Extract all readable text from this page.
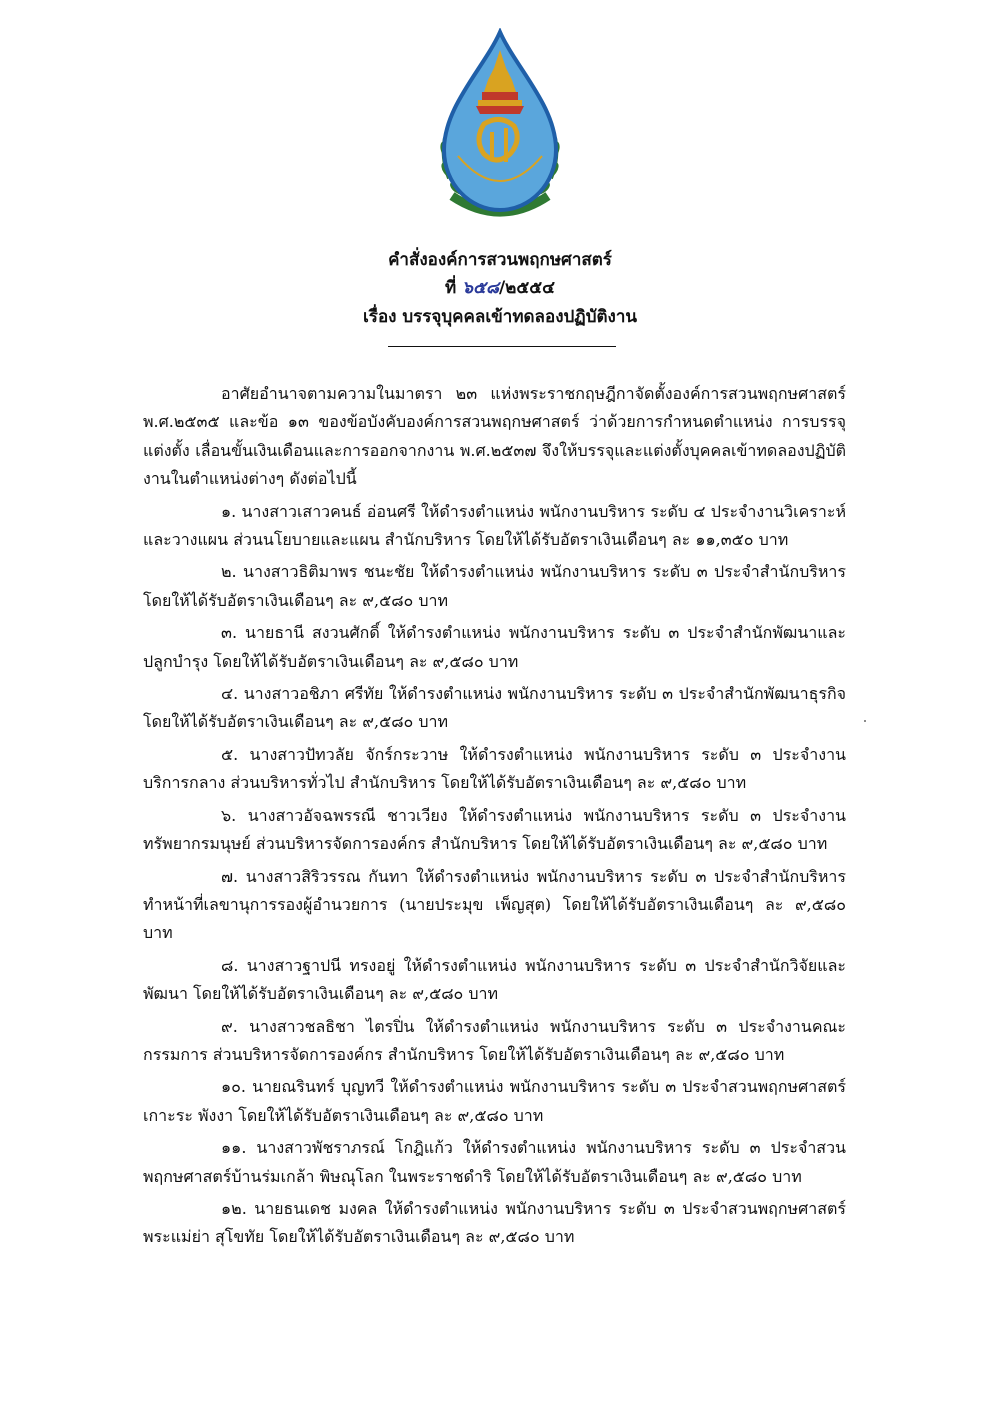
คำสั่งองค์การสวนพฤกษศาสตร์
ที่ ๖๕๘/๒๕๕๔
เรื่อง บรรจุบุคคลเข้าทดลองปฏิบัติงาน

อาศัยอำนาจตามความในมาตรา ๒๓ แห่งพระราชกฤษฎีกาจัดตั้งองค์การสวนพฤกษศาสตร์ พ.ศ.๒๕๓๕ และข้อ ๑๓ ของข้อบังคับองค์การสวนพฤกษศาสตร์ ว่าด้วยการกำหนดตำแหน่ง การบรรจุ แต่งตั้ง เลื่อนขั้นเงินเดือนและการออกจากงาน พ.ศ.๒๕๓๗ จึงให้บรรจุและแต่งตั้งบุคคลเข้าทดลองปฏิบัติงานในตำแหน่งต่างๆ ดังต่อไปนี้

๑. นางสาวเสาวคนธ์ อ่อนศรี ให้ดำรงตำแหน่ง พนักงานบริหาร ระดับ ๔ ประจำงานวิเคราะห์และวางแผน ส่วนนโยบายและแผน สำนักบริหาร โดยให้ได้รับอัตราเงินเดือนๆ ละ ๑๑,๓๕๐ บาท

๒. นางสาวธิติมาพร ชนะชัย ให้ดำรงตำแหน่ง พนักงานบริหาร ระดับ ๓ ประจำสำนักบริหาร โดยให้ได้รับอัตราเงินเดือนๆ ละ ๙,๕๘๐ บาท

๓. นายธานี สงวนศักดิ์ ให้ดำรงตำแหน่ง พนักงานบริหาร ระดับ ๓ ประจำสำนักพัฒนาและปลูกบำรุง โดยให้ได้รับอัตราเงินเดือนๆ ละ ๙,๕๘๐ บาท

๔. นางสาวอชิภา ศรีทัย ให้ดำรงตำแหน่ง พนักงานบริหาร ระดับ ๓ ประจำสำนักพัฒนาธุรกิจ โดยให้ได้รับอัตราเงินเดือนๆ ละ ๙,๕๘๐ บาท

๕. นางสาวปัทวลัย จักร์กระวาษ ให้ดำรงตำแหน่ง พนักงานบริหาร ระดับ ๓ ประจำงานบริการกลาง ส่วนบริหารทั่วไป สำนักบริหาร โดยให้ได้รับอัตราเงินเดือนๆ ละ ๙,๕๘๐ บาท

๖. นางสาวอัจฉพรรณี ชาวเวียง ให้ดำรงตำแหน่ง พนักงานบริหาร ระดับ ๓ ประจำงานทรัพยากรมนุษย์ ส่วนบริหารจัดการองค์กร สำนักบริหาร โดยให้ได้รับอัตราเงินเดือนๆ ละ ๙,๕๘๐ บาท

๗. นางสาวสิริวรรณ กันทา ให้ดำรงตำแหน่ง พนักงานบริหาร ระดับ ๓ ประจำสำนักบริหาร ทำหน้าที่เลขานุการรองผู้อำนวยการ (นายประมุข เพ็ญสุต) โดยให้ได้รับอัตราเงินเดือนๆ ละ ๙,๕๘๐ บาท

๘. นางสาวฐาปนี ทรงอยู่ ให้ดำรงตำแหน่ง พนักงานบริหาร ระดับ ๓ ประจำสำนักวิจัยและพัฒนา โดยให้ได้รับอัตราเงินเดือนๆ ละ ๙,๕๘๐ บาท

๙. นางสาวชลธิชา ไตรปิ่น ให้ดำรงตำแหน่ง พนักงานบริหาร ระดับ ๓ ประจำงานคณะกรรมการ ส่วนบริหารจัดการองค์กร สำนักบริหาร โดยให้ได้รับอัตราเงินเดือนๆ ละ ๙,๕๘๐ บาท

๑๐. นายณรินทร์ บุญทวี ให้ดำรงตำแหน่ง พนักงานบริหาร ระดับ ๓ ประจำสวนพฤกษศาสตร์เกาะระ พังงา โดยให้ได้รับอัตราเงินเดือนๆ ละ ๙,๕๘๐ บาท

๑๑. นางสาวพัชราภรณ์ โกฎิแก้ว ให้ดำรงตำแหน่ง พนักงานบริหาร ระดับ ๓ ประจำสวนพฤกษศาสตร์บ้านร่มเกล้า พิษณุโลก ในพระราชดำริ โดยให้ได้รับอัตราเงินเดือนๆ ละ ๙,๕๘๐ บาท

๑๒. นายธนเดช มงคล ให้ดำรงตำแหน่ง พนักงานบริหาร ระดับ ๓ ประจำสวนพฤกษศาสตร์พระแม่ย่า สุโขทัย โดยให้ได้รับอัตราเงินเดือนๆ ละ ๙,๕๘๐ บาท
